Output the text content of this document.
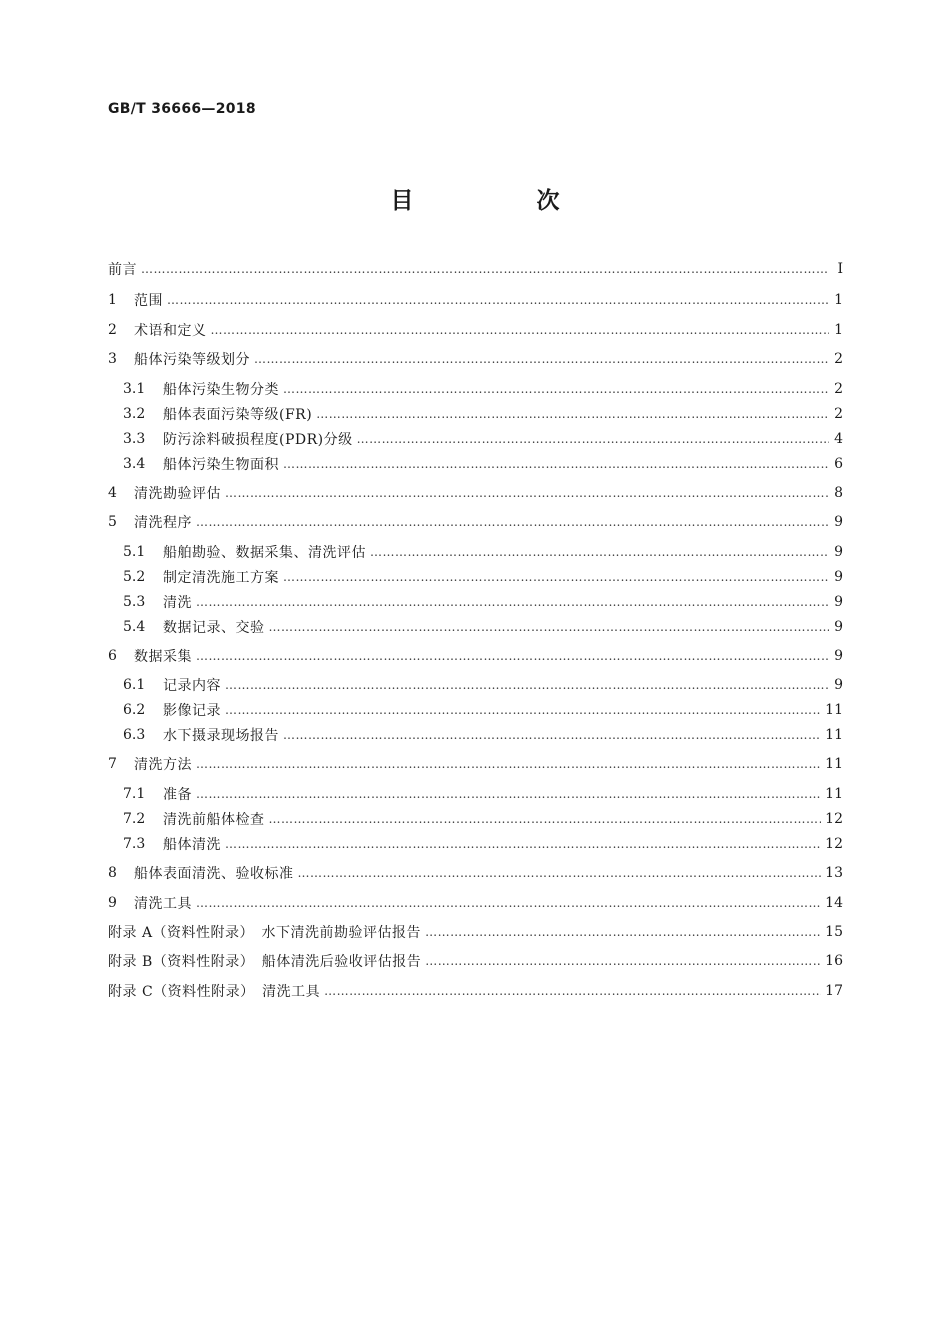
GB/T 36666—2018
目　次
前言 ……………………………………………………………………………………………………………………………………………………………………………………………………………	Ⅰ
1	范围 ……………………………………………………………………………………………………………………………………………………………………………………………………………	1
2	术语和定义 ……………………………………………………………………………………………………………………………………………………………………………………………………………	1
3	船体污染等级划分 ……………………………………………………………………………………………………………………………………………………………………………………………………………	2
3.1	船体污染生物分类 ……………………………………………………………………………………………………………………………………………………………………………………………………………	2
3.2	船体表面污染等级(FR) ……………………………………………………………………………………………………………………………………………………………………………………………………………	2
3.3	防污涂料破损程度(PDR)分级 ……………………………………………………………………………………………………………………………………………………………………………………………………………	4
3.4	船体污染生物面积 ……………………………………………………………………………………………………………………………………………………………………………………………………………	6
4	清洗勘验评估 ……………………………………………………………………………………………………………………………………………………………………………………………………………	8
5	清洗程序 ……………………………………………………………………………………………………………………………………………………………………………………………………………	9
5.1	船舶勘验、数据采集、清洗评估 ……………………………………………………………………………………………………………………………………………………………………………………………………………	9
5.2	制定清洗施工方案 ……………………………………………………………………………………………………………………………………………………………………………………………………………	9
5.3	清洗 ……………………………………………………………………………………………………………………………………………………………………………………………………………	9
5.4	数据记录、交验 ……………………………………………………………………………………………………………………………………………………………………………………………………………	9
6	数据采集 ……………………………………………………………………………………………………………………………………………………………………………………………………………	9
6.1	记录内容 ……………………………………………………………………………………………………………………………………………………………………………………………………………	9
6.2	影像记录 ……………………………………………………………………………………………………………………………………………………………………………………………………………	11
6.3	水下摄录现场报告 ……………………………………………………………………………………………………………………………………………………………………………………………………………	11
7	清洗方法 ……………………………………………………………………………………………………………………………………………………………………………………………………………	11
7.1	准备 ……………………………………………………………………………………………………………………………………………………………………………………………………………	11
7.2	清洗前船体检查 ……………………………………………………………………………………………………………………………………………………………………………………………………………	12
7.3	船体清洗 ……………………………………………………………………………………………………………………………………………………………………………………………………………	12
8	船体表面清洗、验收标准 ……………………………………………………………………………………………………………………………………………………………………………………………………………	13
9	清洗工具 ……………………………………………………………………………………………………………………………………………………………………………………………………………	14
附录 A（资料性附录）　水下清洗前勘验评估报告 ……………………………………………………………………………………………………………………………………………………………………………………………………………	15
附录 B（资料性附录）　船体清洗后验收评估报告 ……………………………………………………………………………………………………………………………………………………………………………………………………………	16
附录 C（资料性附录）　清洗工具 ……………………………………………………………………………………………………………………………………………………………………………………………………………	17
